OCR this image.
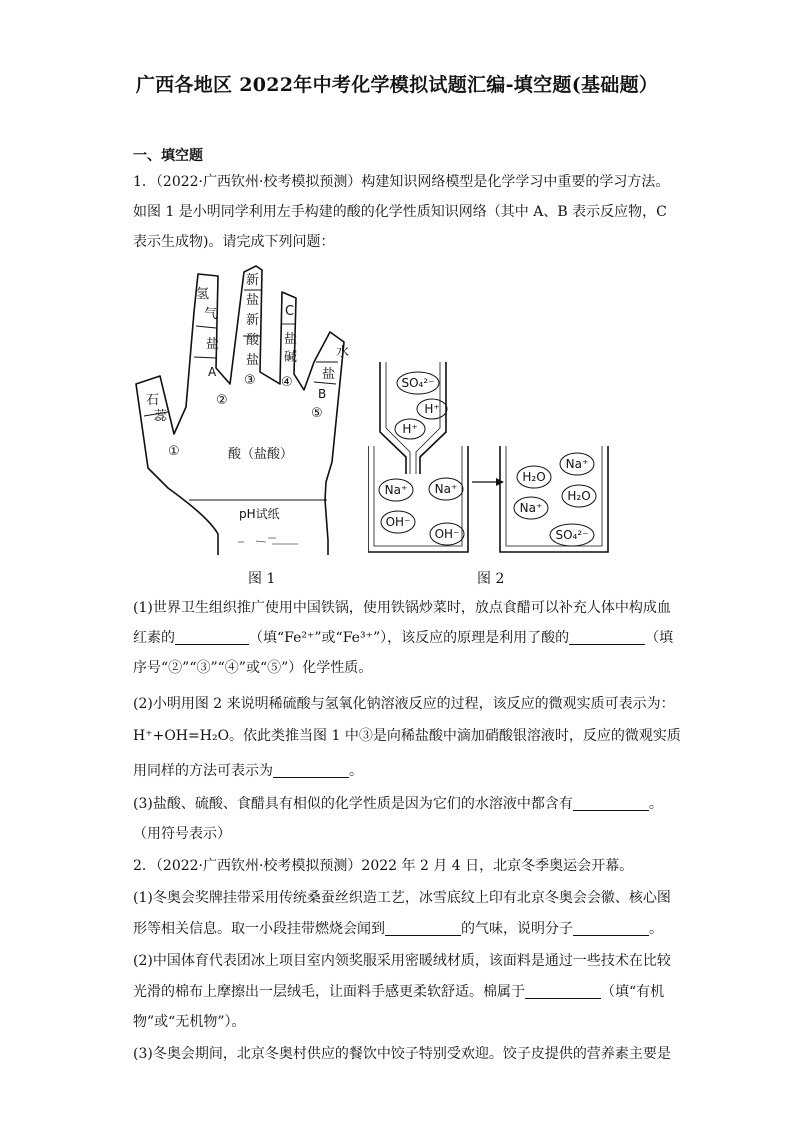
广西各地区 2022年中考化学模拟试题汇编-填空题(基础题）
一、填空题
1．（2022·广西钦州·校考模拟预测）构建知识网络模型是化学学习中重要的学习方法。
如图 1 是小明同学利用左手构建的酸的化学性质知识网络（其中 A、B 表示反应物，C
表示生成物)。请完成下列问题：
石
蕊
氢
气
盐
A
新
盐
新
酸
盐
C
盐
碱	水
盐
B
①
②
③ ④
⑤
酸（盐酸）
pH试纸
SO₄²⁻
H⁺
H⁺
Na⁺ Na⁺
OH⁻
OH⁻
H₂O
Na⁺
Na⁺
H₂O
SO₄²⁻
图 1	图 2
(1)世界卫生组织推广使用中国铁锅，使用铁锅炒菜时，放点食醋可以补充人体中构成血
红素的	（填“Fe²⁺”或“Fe³⁺”），该反应的原理是利用了酸的	（填
序号“②”“③”“④”或“⑤”）化学性质。
(2)小明用图 2 来说明稀硫酸与氢氧化钠溶液反应的过程，该反应的微观实质可表示为：
H⁺+OH=H₂O。依此类推当图 1 中③是向稀盐酸中滴加硝酸银溶液时，反应的微观实质
用同样的方法可表示为	。
(3)盐酸、硫酸、食醋具有相似的化学性质是因为它们的水溶液中都含有	。
（用符号表示）
2．（2022·广西钦州·校考模拟预测）2022 年 2 月 4 日，北京冬季奥运会开幕。
(1)冬奥会奖牌挂带采用传统桑蚕丝织造工艺，冰雪底纹上印有北京冬奥会会徽、核心图
形等相关信息。取一小段挂带燃烧会闻到	的气味，说明分子	。
(2)中国体育代表团冰上项目室内领奖服采用密暖绒材质，该面料是通过一些技术在比较
光滑的棉布上摩擦出一层绒毛，让面料手感更柔软舒适。棉属于	（填“有机
物”或“无机物”）。
(3)冬奥会期间，北京冬奥村供应的餐饮中饺子特别受欢迎。饺子皮提供的营养素主要是
